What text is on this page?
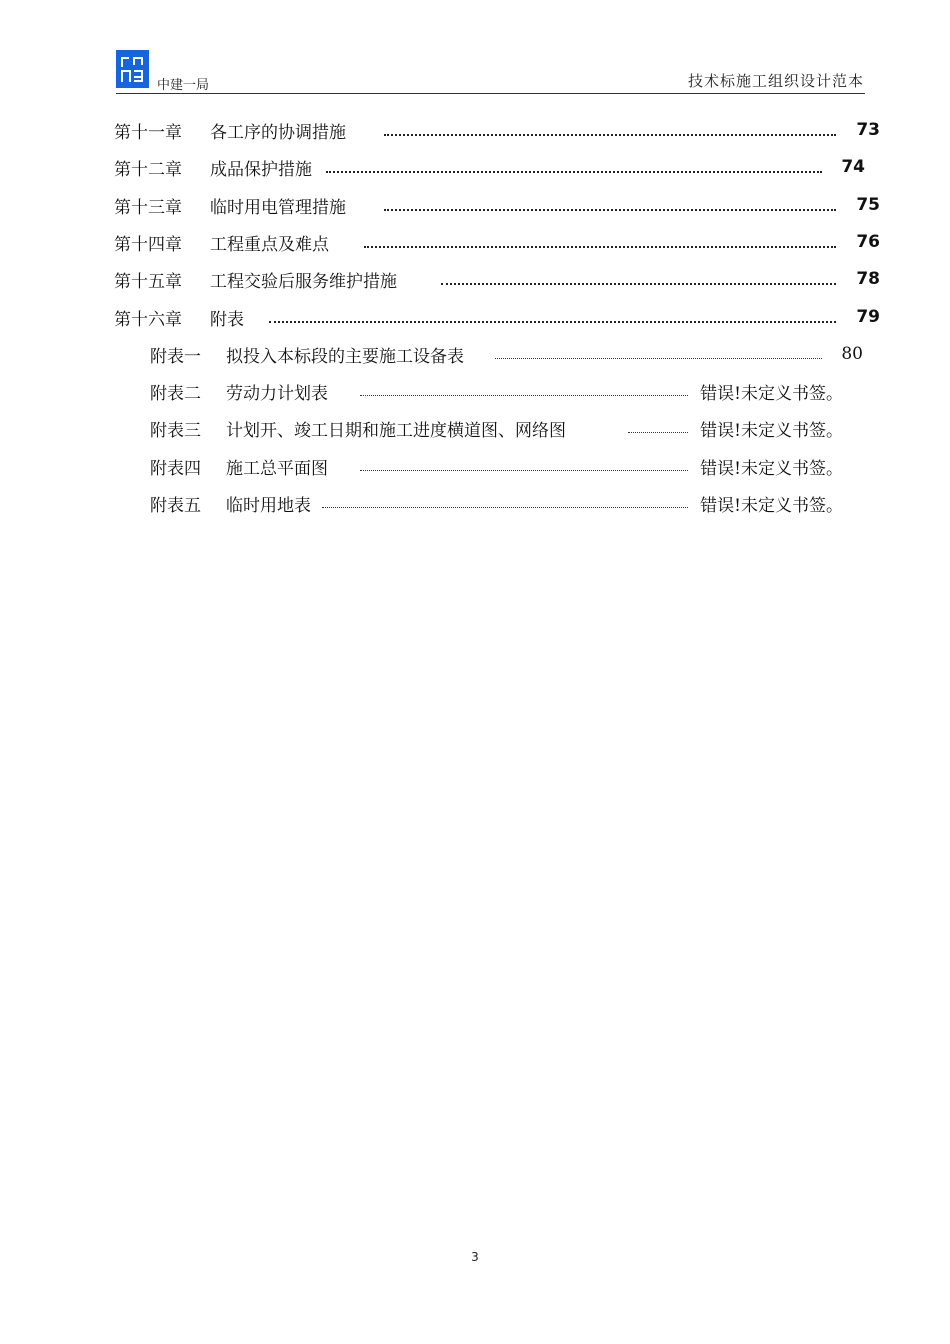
中建一局	技术标施工组织设计范本
第十一章	各工序的协调措施	73
第十二章	成品保护措施	74
第十三章	临时用电管理措施	75
第十四章	工程重点及难点	76
第十五章	工程交验后服务维护措施	78
第十六章	附表	79
附表一	拟投入本标段的主要施工设备表	80
附表二	劳动力计划表	错误!未定义书签。
附表三	计划开、竣工日期和施工进度横道图、网络图	错误!未定义书签。
附表四	施工总平面图	错误!未定义书签。
附表五	临时用地表	错误!未定义书签。
3
